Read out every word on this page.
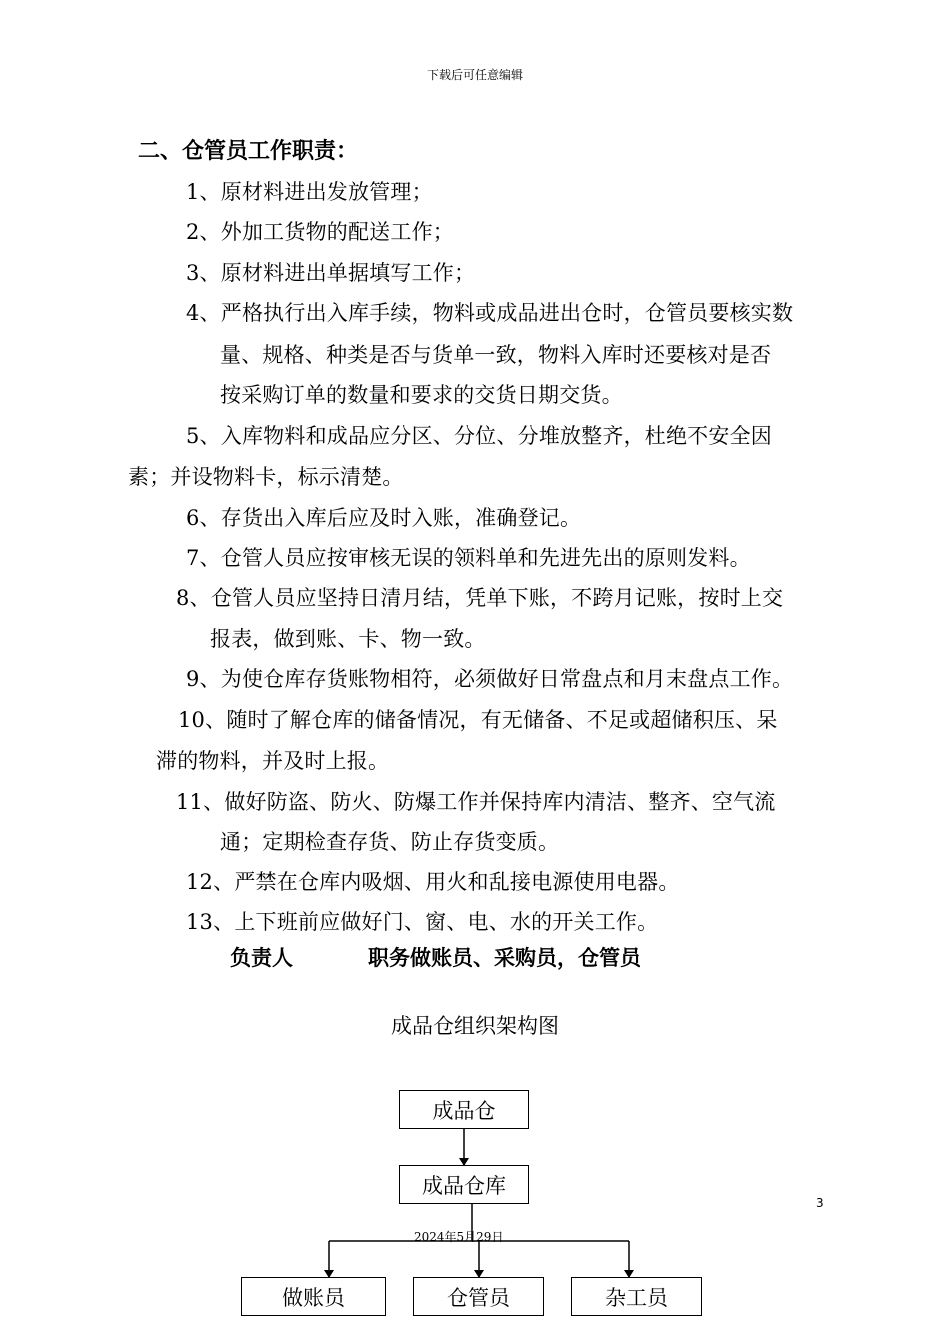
下载后可任意编辑
二、仓管员工作职责：
1、原材料进出发放管理；
2、外加工货物的配送工作；
3、原材料进出单据填写工作；
4、严格执行出入库手续，物料或成品进出仓时，仓管员要核实数
量、规格、种类是否与货单一致，物料入库时还要核对是否
按采购订单的数量和要求的交货日期交货。
5、入库物料和成品应分区、分位、分堆放整齐，杜绝不安全因
素；并设物料卡，标示清楚。
6、存货出入库后应及时入账，准确登记。
7、仓管人员应按审核无误的领料单和先进先出的原则发料。
8、仓管人员应坚持日清月结，凭单下账，不跨月记账，按时上交
报表，做到账、卡、物一致。
9、为使仓库存货账物相符，必须做好日常盘点和月末盘点工作。
10、随时了解仓库的储备情况，有无储备、不足或超储积压、呆
滞的物料，并及时上报。
11、做好防盗、防火、防爆工作并保持库内清洁、整齐、空气流
通；定期检查存货、防止存货变质。
12、严禁在仓库内吸烟、用火和乱接电源使用电器。
13、上下班前应做好门、窗、电、水的开关工作。
负责人	职务做账员、采购员，仓管员
成品仓组织架构图
成品仓
成品仓库
做账员	仓管员	杂工员
3
2024年5月29日
